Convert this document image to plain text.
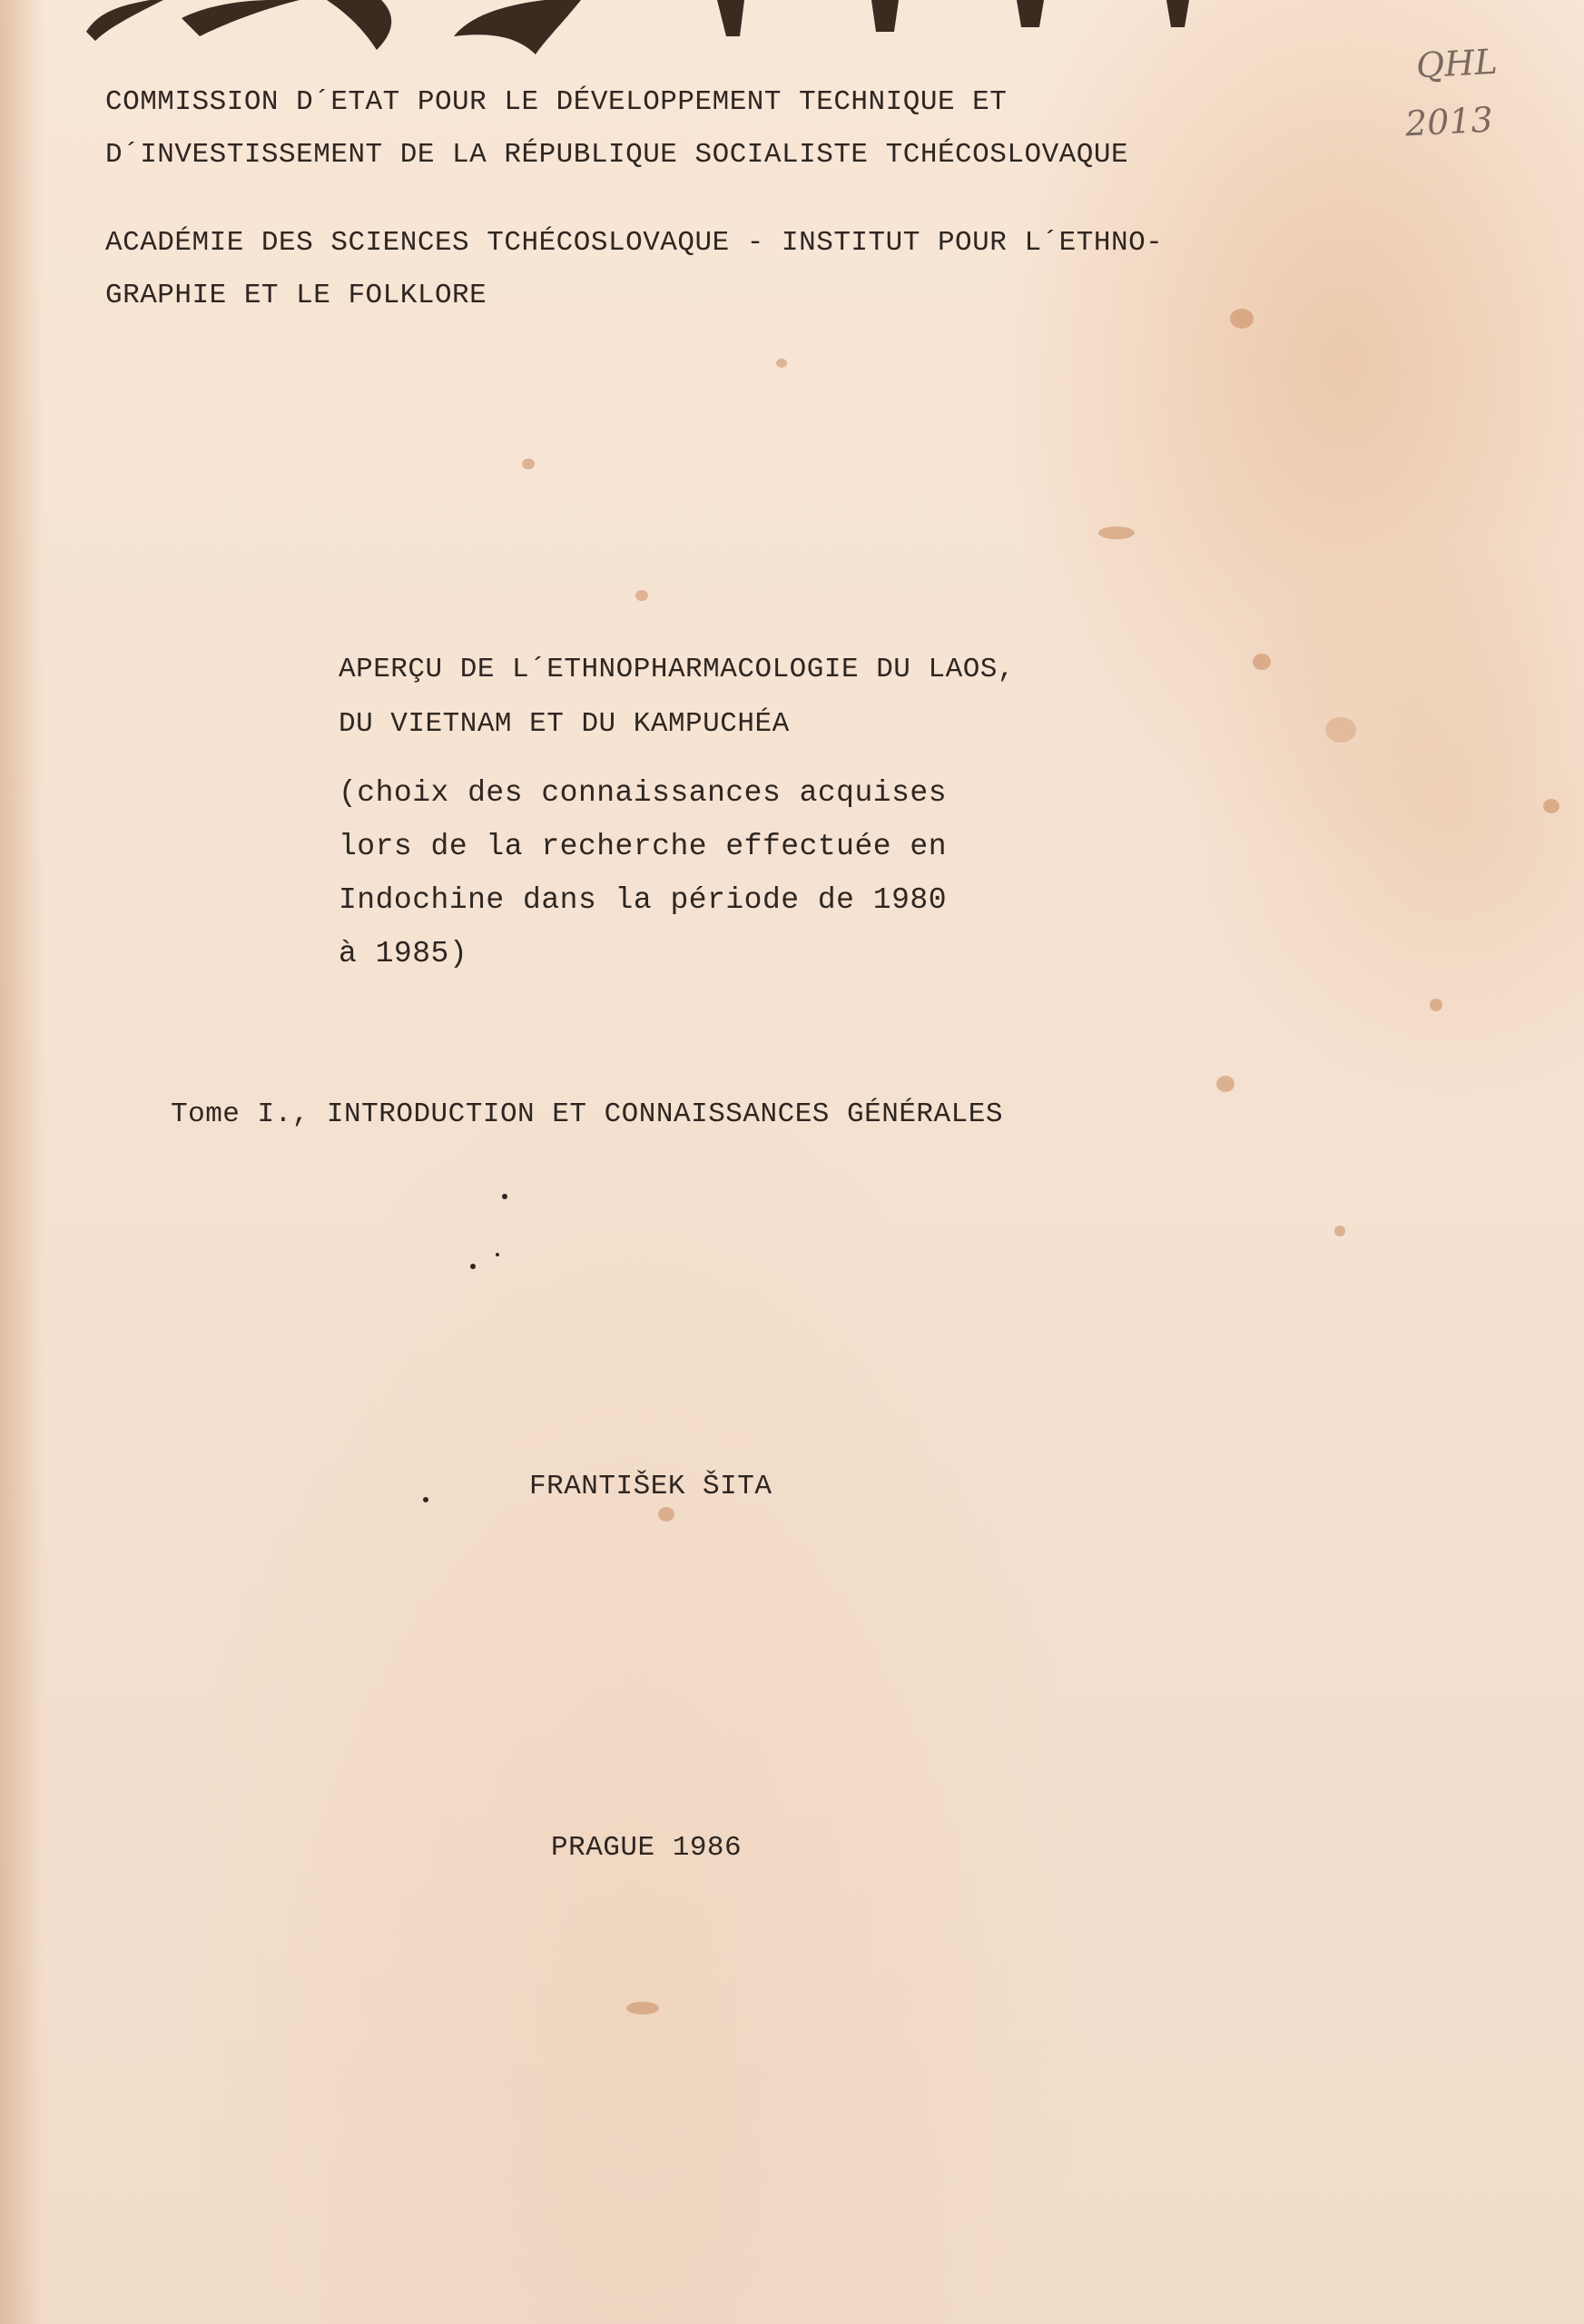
QHL
2013
COMMISSION D´ETAT POUR LE DÉVELOPPEMENT TECHNIQUE ET
D´INVESTISSEMENT DE LA RÉPUBLIQUE SOCIALISTE TCHÉCOSLOVAQUE
ACADÉMIE DES SCIENCES TCHÉCOSLOVAQUE - INSTITUT POUR L´ETHNO-
GRAPHIE ET LE FOLKLORE
APERÇU DE L´ETHNOPHARMACOLOGIE DU LAOS,
DU VIETNAM ET DU KAMPUCHÉA
(choix des connaissances acquises
lors de la recherche effectuée en
Indochine dans la période de 1980
à 1985)
Tome I., INTRODUCTION ET CONNAISSANCES GÉNÉRALES
FRANTIŠEK ŠITA
PRAGUE 1986
